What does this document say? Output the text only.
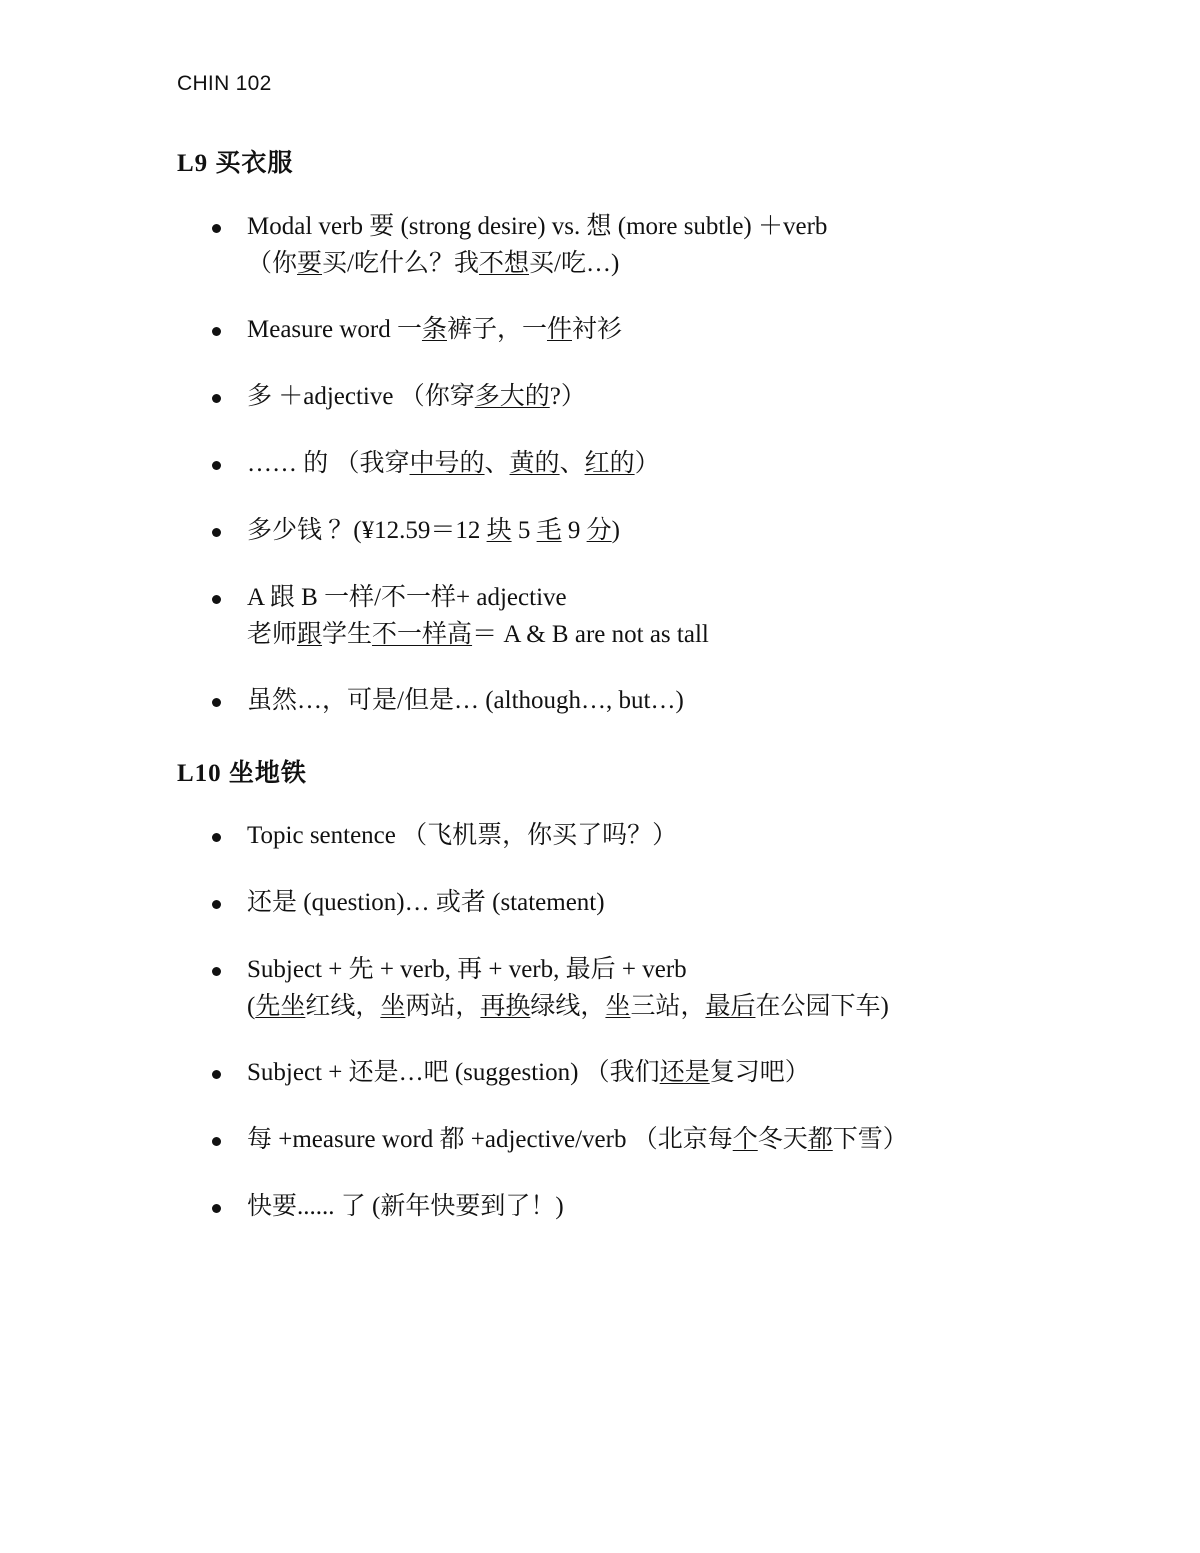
CHIN 102
L9 买衣服
Modal verb 要 (strong desire) vs. 想 (more subtle) ＋verb
（你要买/吃什么？我不想买/吃…)
Measure word 一条裤子，一件衬衫
多 ＋adjective （你穿多大的?）
…… 的 （我穿中号的、黄的、红的）
多少钱 ？(¥12.59＝12 块 5 毛 9 分)
A 跟 B 一样/不一样+ adjective
老师跟学生不一样高＝ A & B are not as tall
虽然…，可是/但是… (although…, but…)
L10 坐地铁
Topic sentence （飞机票，你买了吗？）
还是 (question)… 或者 (statement)
Subject + 先 + verb, 再 + verb, 最后 + verb
(先坐红线，坐两站，再换绿线，坐三站，最后在公园下车)
Subject + 还是…吧 (suggestion) （我们还是复习吧）
每 +measure word 都 +adjective/verb （北京每个冬天都下雪）
快要...... 了 (新年快要到了！)
